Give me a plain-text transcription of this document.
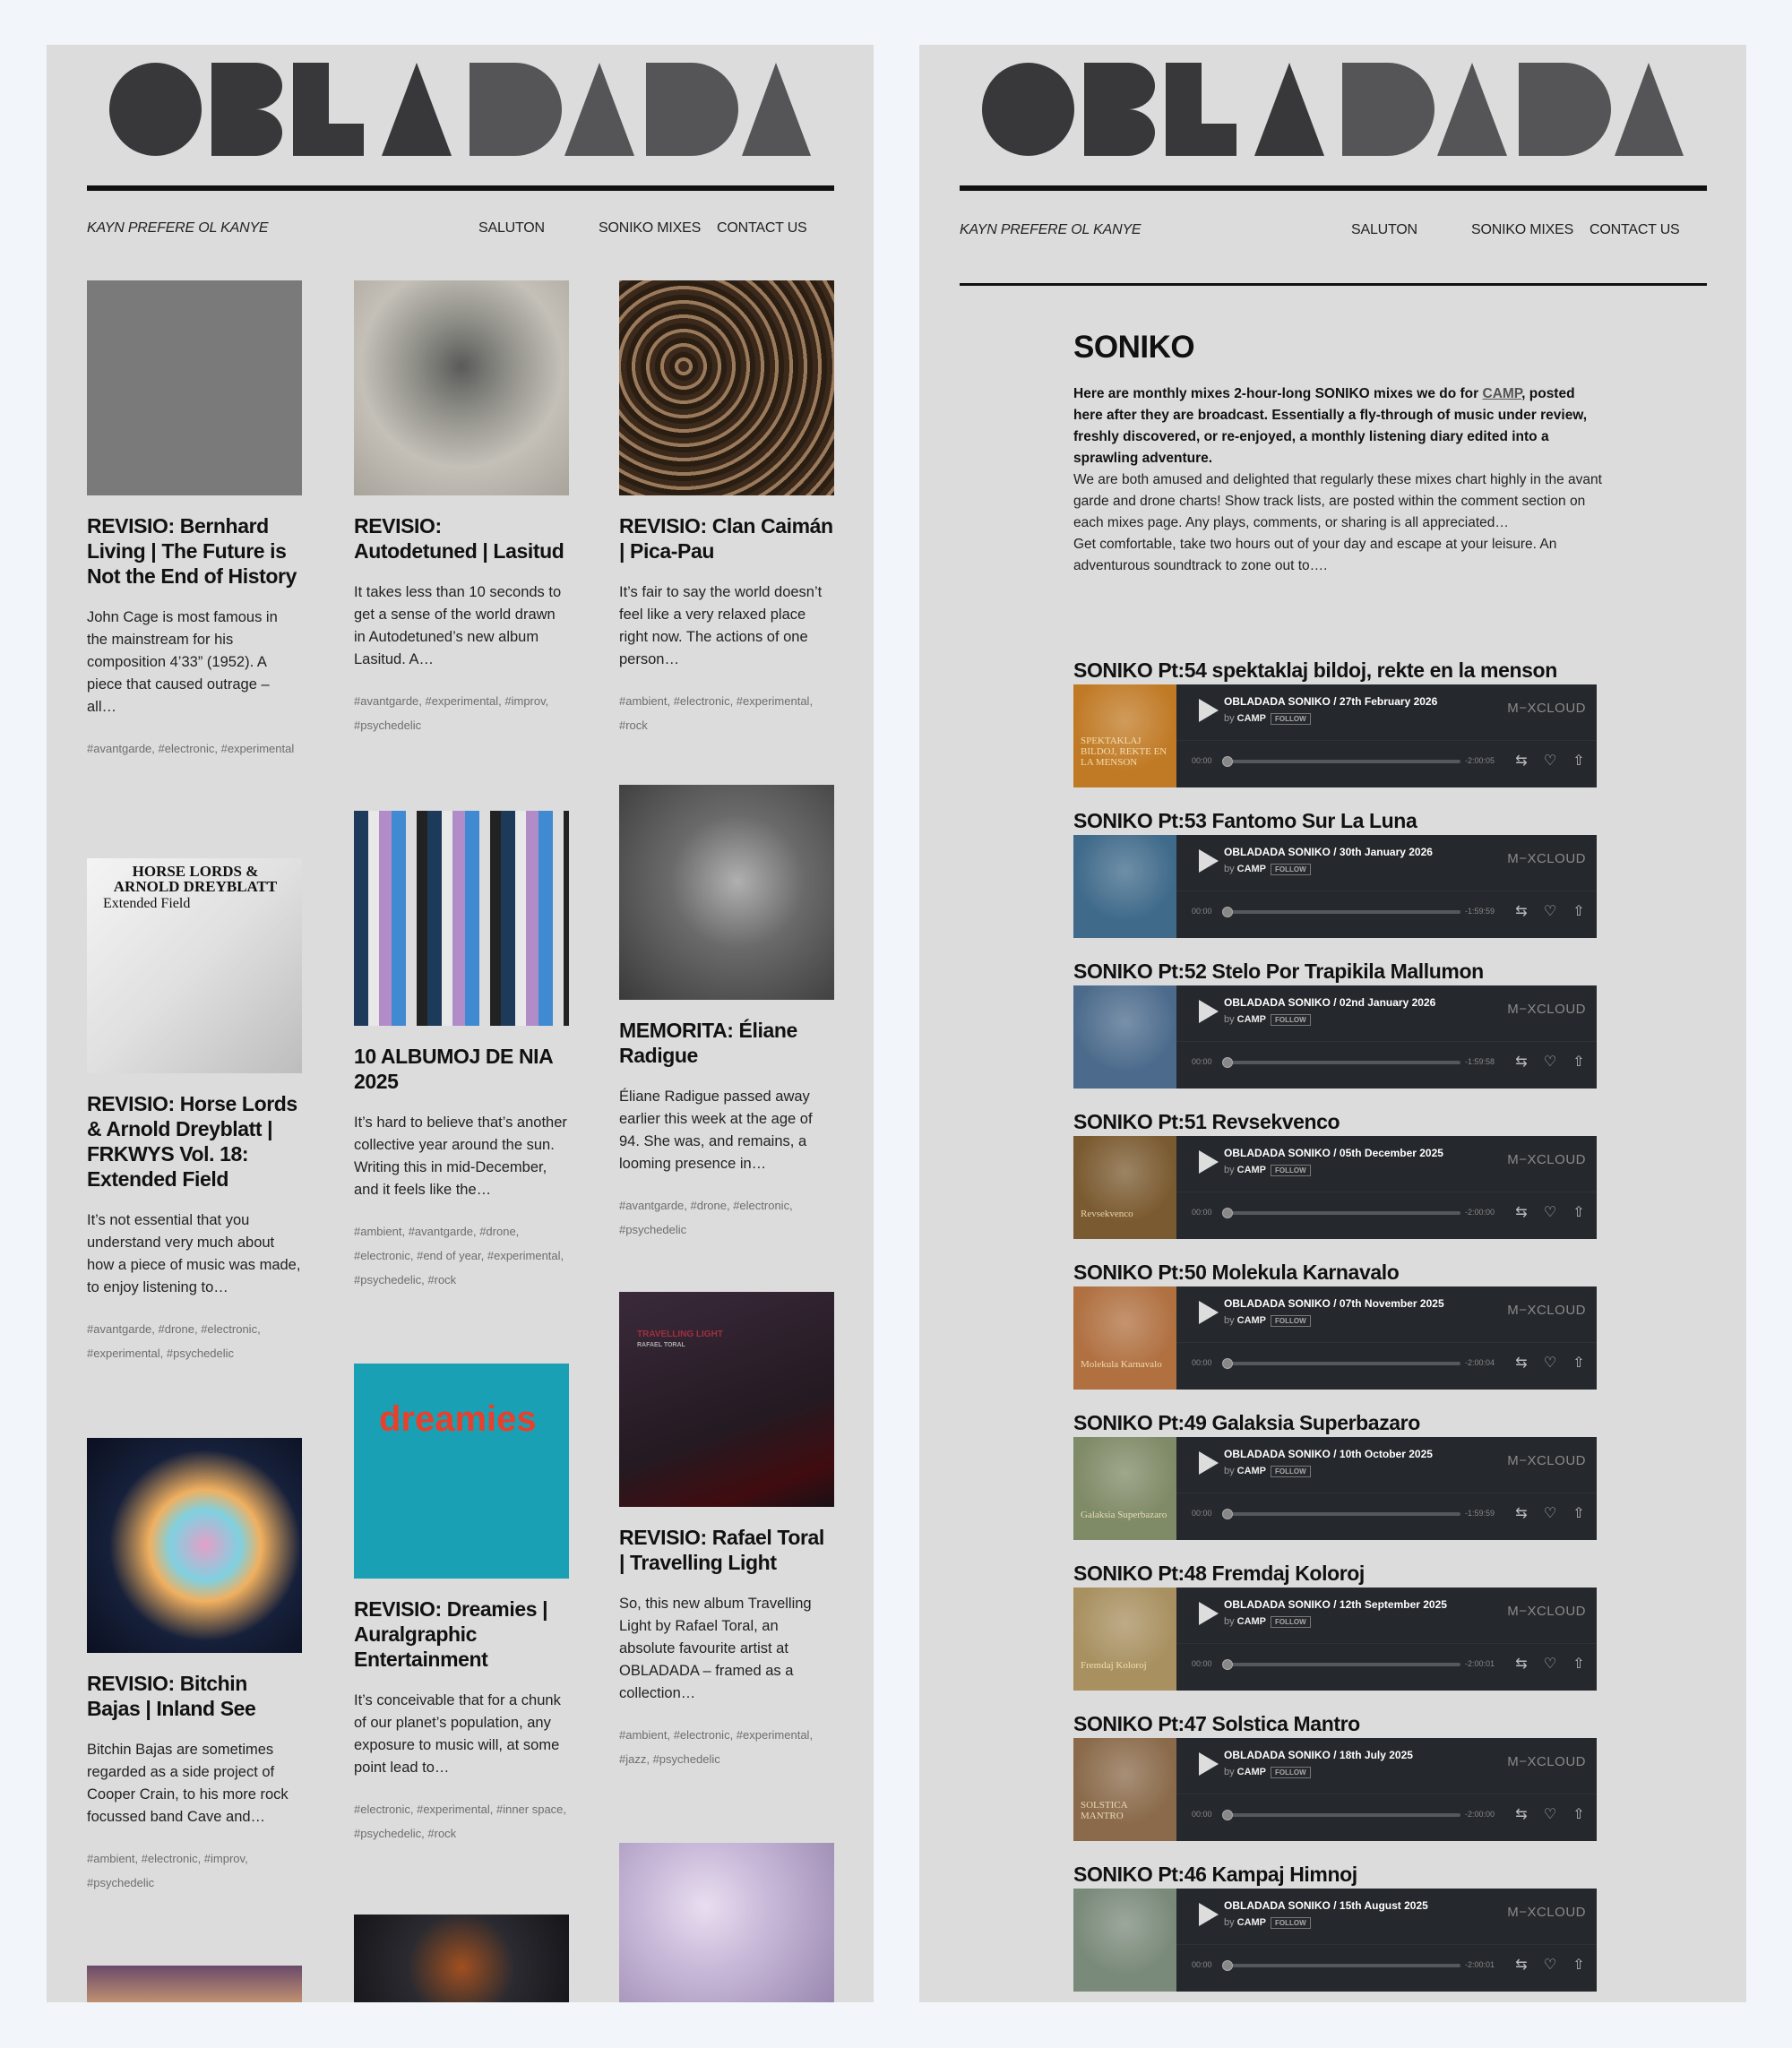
KAYN PREFERE OL KANYE	SALUTON	SONIKO MIXES CONTACT US
REVISIO: Bernhard Living | The Future is Not the End of History

John Cage is most famous in the mainstream for his composition 4’33” (1952). A piece that caused outrage – all…

#avantgarde, #electronic, #experimental
HORSE LORDS & ARNOLD DREYBLATT
Extended Field
REVISIO: Horse Lords & Arnold Dreyblatt | FRKWYS Vol. 18: Extended Field

It’s not essential that you understand very much about how a piece of music was made, to enjoy listening to…

#avantgarde, #drone, #electronic, #experimental, #psychedelic
REVISIO: Bitchin Bajas | Inland See

Bitchin Bajas are sometimes regarded as a side project of Cooper Crain, to his more rock focussed band Cave and…

#ambient, #electronic, #improv, #psychedelic
REVISIO: Autodetuned | Lasitud

It takes less than 10 seconds to get a sense of the world drawn in Autodetuned’s new album Lasitud. A…

#avantgarde, #experimental, #improv, #psychedelic
10 ALBUMOJ DE NIA 2025

It’s hard to believe that’s another collective year around the sun. Writing this in mid-December, and it feels like the…

#ambient, #avantgarde, #drone, #electronic, #end of year, #experimental, #psychedelic, #rock
dreamies
REVISIO: Dreamies | Auralgraphic Entertainment

It’s conceivable that for a chunk of our planet’s population, any exposure to music will, at some point lead to…

#electronic, #experimental, #inner space, #psychedelic, #rock
REVISIO: Clan Caimán | Pica-Pau

It’s fair to say the world doesn’t feel like a very relaxed place right now. The actions of one person…

#ambient, #electronic, #experimental, #rock
MEMORITA: Éliane Radigue

Éliane Radigue passed away earlier this week at the age of 94. She was, and remains, a looming presence in…

#avantgarde, #drone, #electronic, #psychedelic
TRAVELLING LIGHT
RAFAEL TORAL
REVISIO: Rafael Toral | Travelling Light

So, this new album Travelling Light by Rafael Toral, an absolute favourite artist at OBLADADA – framed as a collection…

#ambient, #electronic, #experimental, #jazz, #psychedelic
SONIKO
Here are monthly mixes 2-hour-long SONIKO mixes we do for CAMP, posted here after they are broadcast. Essentially a fly-through of music under review, freshly discovered, or re-enjoyed, a monthly listening diary edited into a sprawling adventure.
We are both amused and delighted that regularly these mixes chart highly in the avant garde and drone charts! Show track lists, are posted within the comment section on each mixes page. Any plays, comments, or sharing is all appreciated…
Get comfortable, take two hours out of your day and escape at your leisure. An adventurous soundtrack to zone out to….
KAYN PREFERE OL KANYE	SALUTON	SONIKO MIXES CONTACT US
SONIKO Pt:54 spektaklaj bildoj, rekte en la menson
SPEKTAKLAJ BILDOJ, REKTE EN LA MENSON
OBLADADA SONIKO / 27th February 2026
by CAMP FOLLOW
M−XCLOUD
00:00	-2:00:05 ⇆ ♡ ⇧
SONIKO Pt:53 Fantomo Sur La Luna
OBLADADA SONIKO / 30th January 2026
by CAMP FOLLOW
M−XCLOUD
00:00	-1:59:59 ⇆ ♡ ⇧
SONIKO Pt:52 Stelo Por Trapikila Mallumon
OBLADADA SONIKO / 02nd January 2026
by CAMP FOLLOW
M−XCLOUD
00:00	-1:59:58 ⇆ ♡ ⇧
SONIKO Pt:51 Revsekvenco
Revsekvenco
OBLADADA SONIKO / 05th December 2025
by CAMP FOLLOW
M−XCLOUD
00:00	-2:00:00 ⇆ ♡ ⇧
SONIKO Pt:50 Molekula Karnavalo
Molekula Karnavalo
OBLADADA SONIKO / 07th November 2025
by CAMP FOLLOW
M−XCLOUD
00:00	-2:00:04 ⇆ ♡ ⇧
SONIKO Pt:49 Galaksia Superbazaro
Galaksia Superbazaro
OBLADADA SONIKO / 10th October 2025
by CAMP FOLLOW
M−XCLOUD
00:00	-1:59:59 ⇆ ♡ ⇧
SONIKO Pt:48 Fremdaj Koloroj
Fremdaj Koloroj
OBLADADA SONIKO / 12th September 2025
by CAMP FOLLOW
M−XCLOUD
00:00	-2:00:01 ⇆ ♡ ⇧
SONIKO Pt:47 Solstica Mantro
SOLSTICA MANTRO
OBLADADA SONIKO / 18th July 2025
by CAMP FOLLOW
M−XCLOUD
00:00	-2:00:00 ⇆ ♡ ⇧
SONIKO Pt:46 Kampaj Himnoj
OBLADADA SONIKO / 15th August 2025
by CAMP FOLLOW
M−XCLOUD
00:00	-2:00:01 ⇆ ♡ ⇧
